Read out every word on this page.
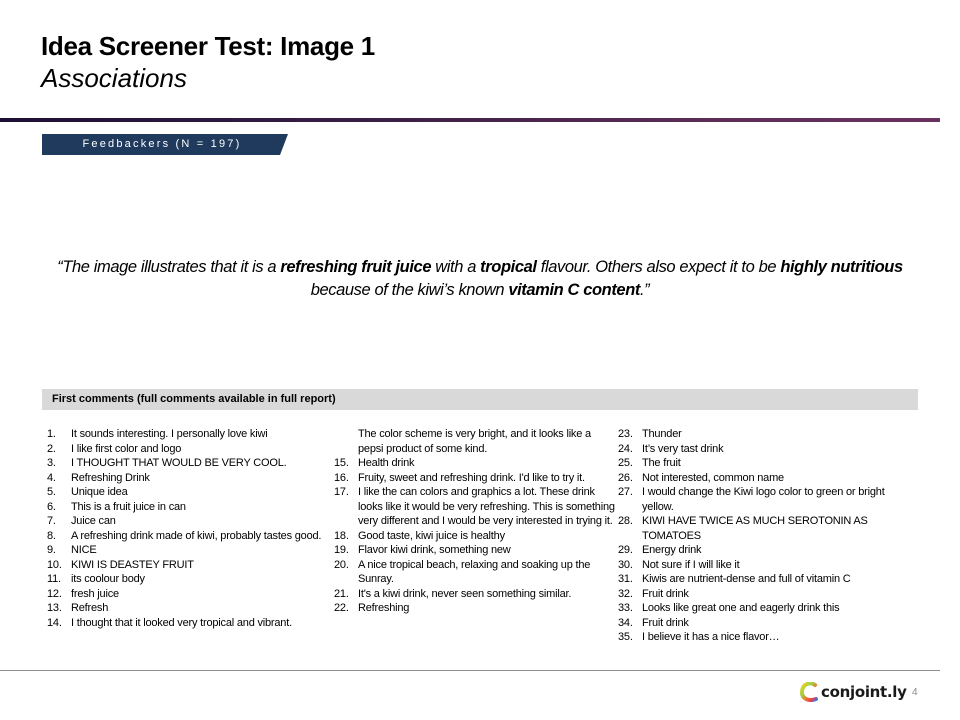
Idea Screener Test: Image 1
Associations
Feedbackers (N = 197)
“The image illustrates that it is a refreshing fruit juice with a tropical flavour. Others also expect it to be highly nutritious because of the kiwi’s known vitamin C content.”
First comments (full comments available in full report)
1.	It sounds interesting. I personally love kiwi
2.	I like first color and logo
3.	I THOUGHT THAT WOULD BE VERY COOL.
4.	Refreshing Drink
5.	Unique idea
6.	This is a fruit juice in can
7.	Juice can
8.	A refreshing drink made of kiwi, probably tastes good.
9.	NICE
10. KIWI IS DEASTEY FRUIT
11. its coolour body
12. fresh juice
13. Refresh
14. I thought that it looked very tropical and vibrant.
The color scheme is very bright, and it looks like a pepsi product of some kind.
15. Health drink
16. Fruity, sweet and refreshing drink. I'd like to try it.
17. I like the can colors and graphics a lot. These drink looks like it would be very refreshing. This is something very different and I would be very interested in trying it.
18. Good taste, kiwi juice is healthy
19. Flavor kiwi drink, something new
20. A nice tropical beach, relaxing and soaking up the Sunray.
21. It's a kiwi drink, never seen something similar.
22. Refreshing
23. Thunder
24. It’s very tast drink
25. The fruit
26. Not interested, common name
27. I would change the Kiwi logo color to green or bright yellow.
28. KIWI HAVE TWICE AS MUCH SEROTONIN AS TOMATOES
29. Energy drink
30. Not sure if I will like it
31. Kiwis are nutrient-dense and full of vitamin C
32. Fruit drink
33. Looks like great one and eagerly drink this
34. Fruit drink
35. I believe it has a nice flavor…
conjoint.ly 4
